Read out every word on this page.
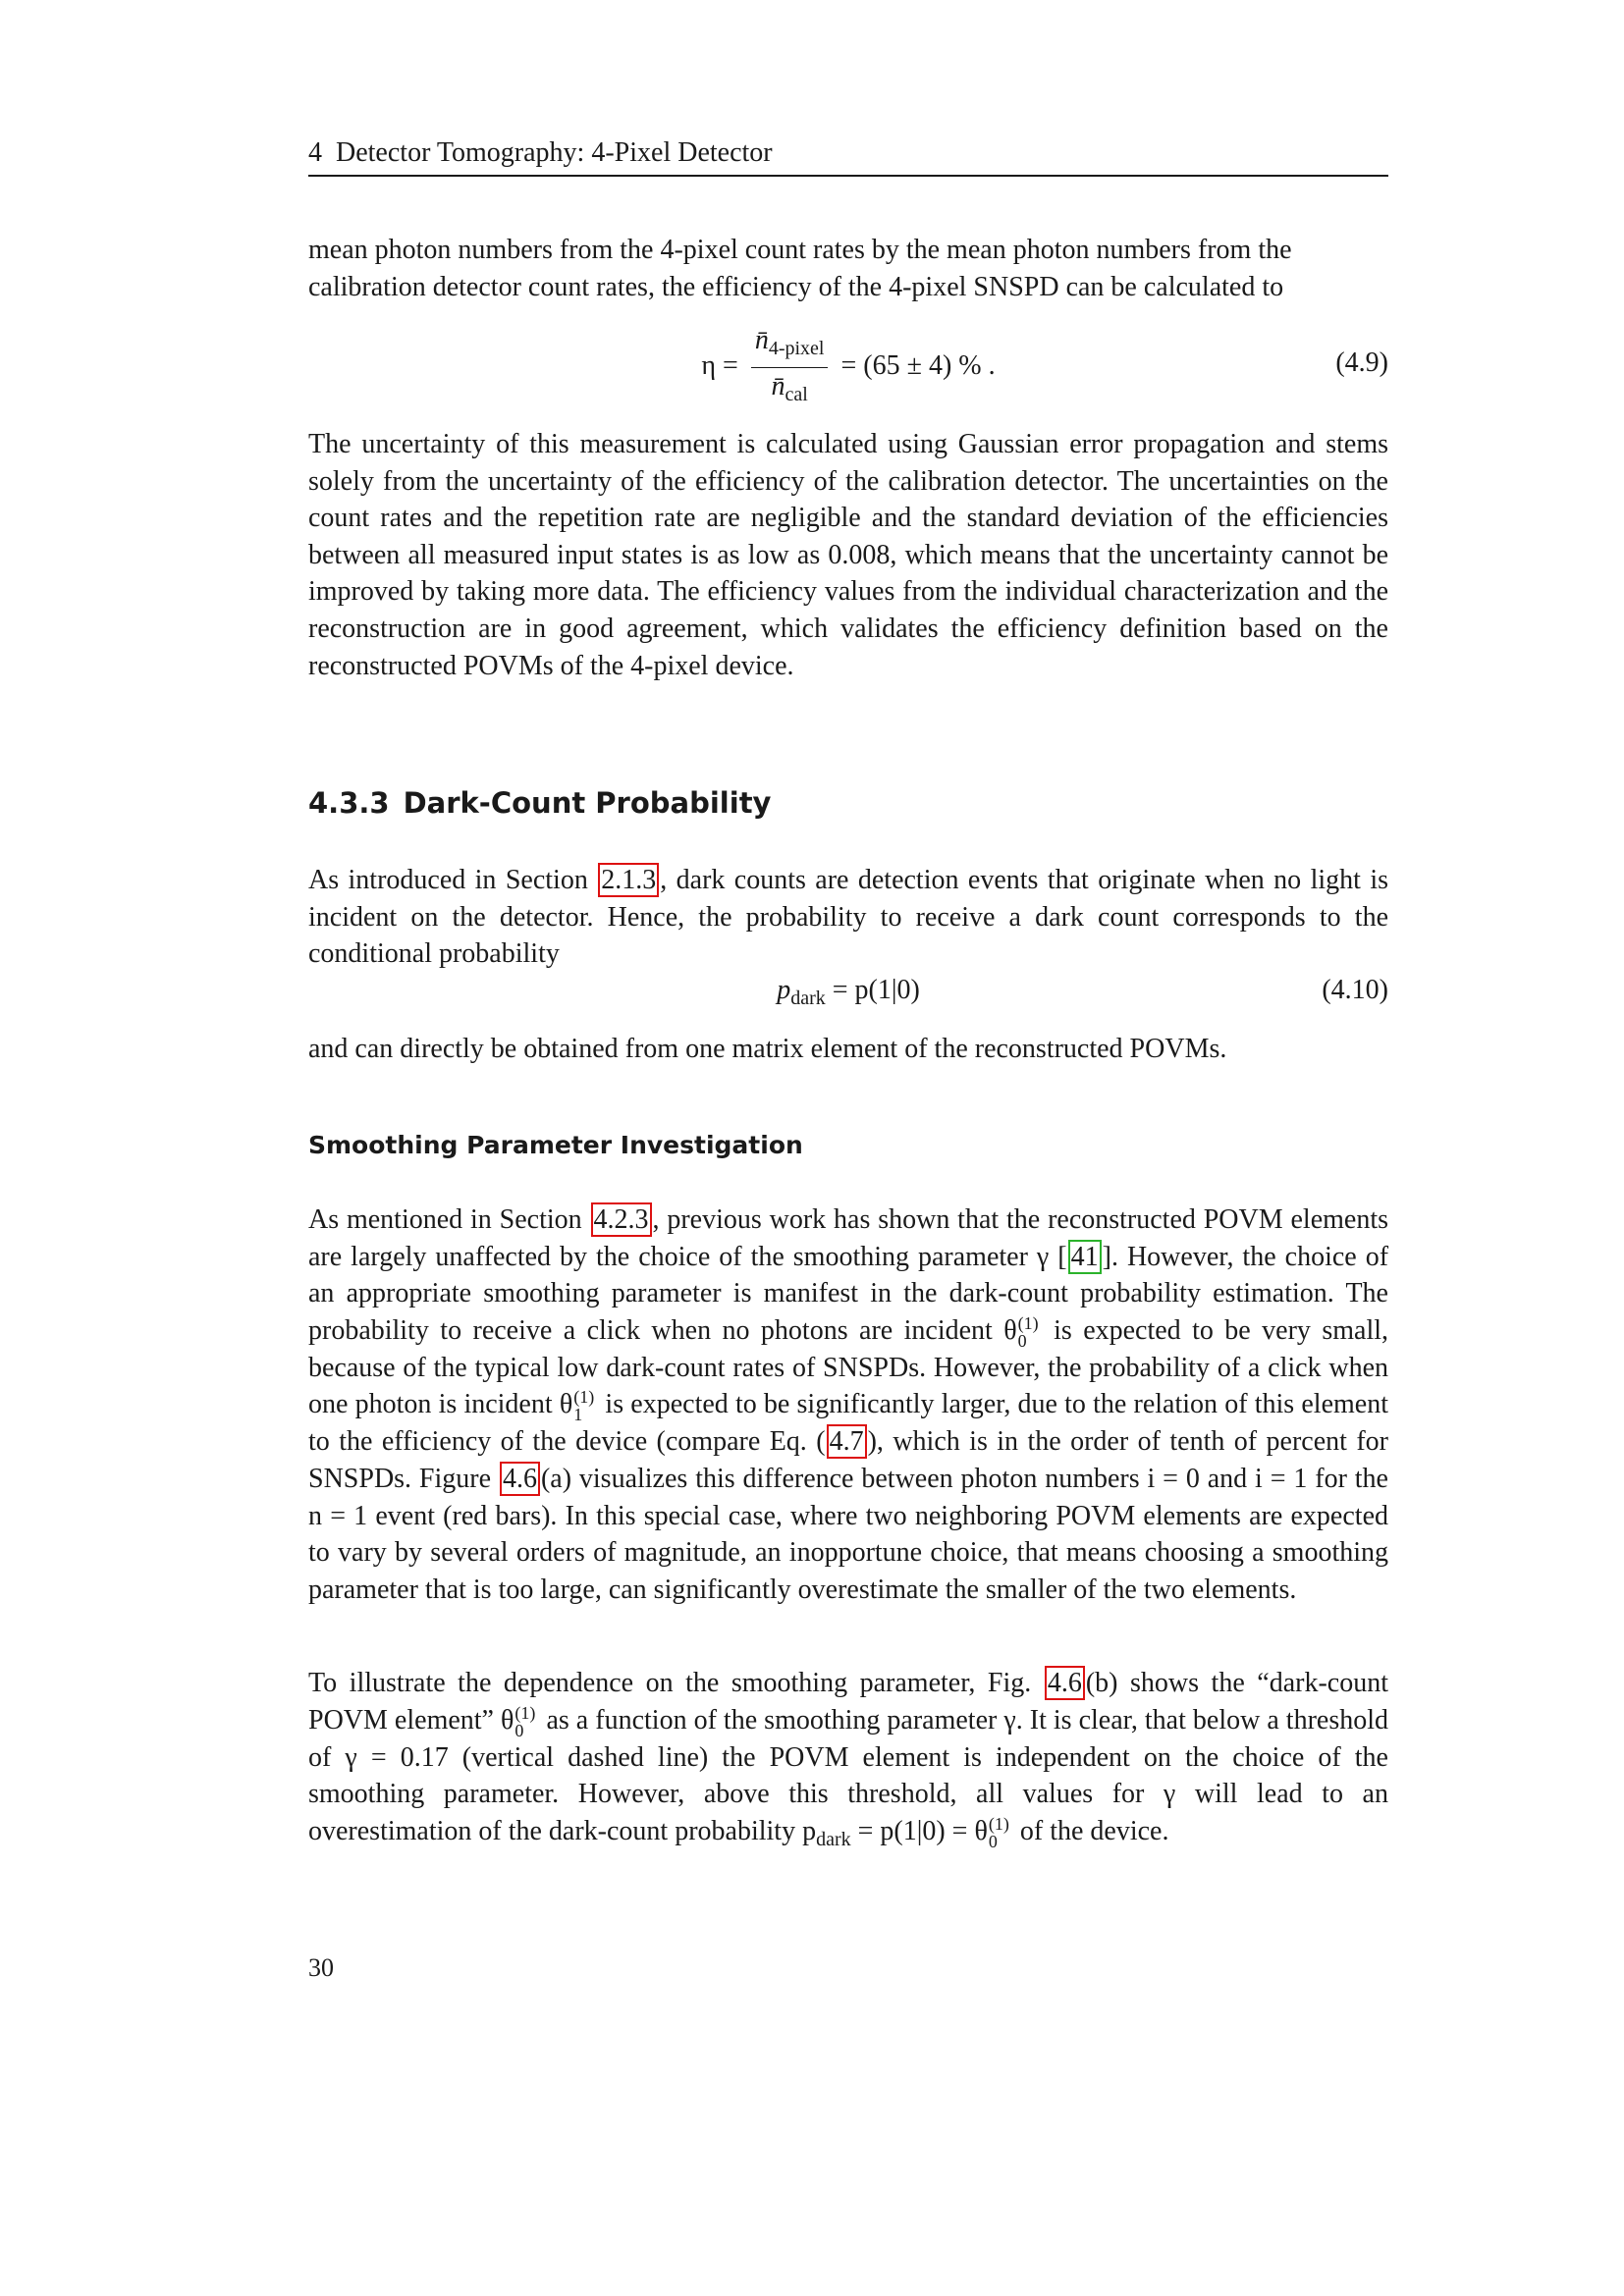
4 Detector Tomography: 4-Pixel Detector

mean photon numbers from the 4-pixel count rates by the mean photon numbers from the calibration detector count rates, the efficiency of the 4-pixel SNSPD can be calculated to

$\eta = \frac{n̄_{4-pixel}}{n̄_{cal}} = (65 \pm 4)$ % .	(4.9)

The uncertainty of this measurement is calculated using Gaussian error propagation and stems solely from the uncertainty of the efficiency of the calibration detector. The uncertainties on the count rates and the repetition rate are negligible and the standard deviation of the efficiencies between all measured input states is as low as 0.008, which means that the uncertainty cannot be improved by taking more data. The efficiency values from the individual characterization and the reconstruction are in good agreement, which validates the efficiency definition based on the reconstructed POVMs of the 4-pixel device.

4.3.3 Dark-Count Probability

As introduced in Section 2.1.3 , dark counts are detection events that originate when no light is incident on the detector. Hence, the probability to receive a dark count corresponds to the conditional probability

$p_{dark} = p(1|0)$	(4.10)

and can directly be obtained from one matrix element of the reconstructed POVMs.

Smoothing Parameter Investigation

As mentioned in Section 4.2.3 , previous work has shown that the reconstructed POVM elements are largely unaffected by the choice of the smoothing parameter γ [ 41 ]. However, the choice of an appropriate smoothing parameter is manifest in the dark-count probability estimation. The probability to receive a click when no photons are incident θ (1)
0 is expected to be very small, because of the typical low dark-count rates of SNSPDs. However, the probability of a click when one photon is incident θ (1)
1 is expected to be significantly larger, due to the relation of this element to the efficiency of the device (compare Eq. ( 4.7 ), which is in the order of tenth of percent for SNSPDs. Figure 4.6 (a) visualizes this difference between photon numbers i = 0 and i = 1 for the n = 1 event (red bars). In this special case, where two neighboring POVM elements are expected to vary by several orders of magnitude, an inopportune choice, that means choosing a smoothing parameter that is too large, can significantly overestimate the smaller of the two elements.

To illustrate the dependence on the smoothing parameter, Fig. 4.6 (b) shows the “dark-count POVM element” θ (1)
0 as a function of the smoothing parameter γ. It is clear, that below a threshold of γ = 0.17 (vertical dashed line) the POVM element is independent on the choice of the smoothing parameter. However, above this threshold, all values for γ will lead to an overestimation of the dark-count probability $p_{dark} = p(1|0) = \theta$ (1)
0 of the device.

30
